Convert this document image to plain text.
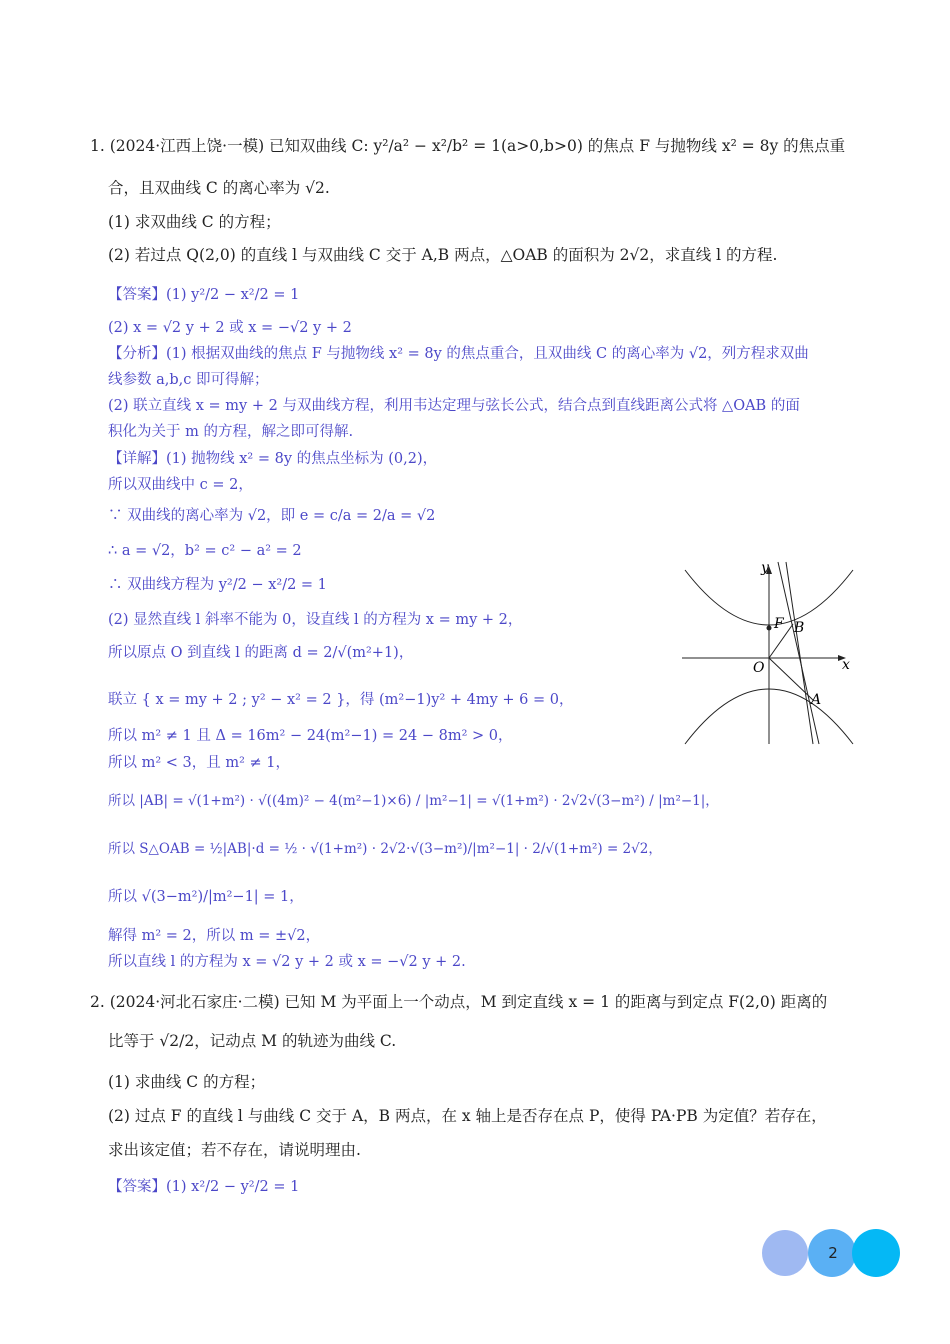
1. (2024·江西上饶·一模) 已知双曲线 C: y²/a² − x²/b² = 1(a>0,b>0) 的焦点 F 与抛物线 x² = 8y 的焦点重
合，且双曲线 C 的离心率为 √2.
(1) 求双曲线 C 的方程；
(2) 若过点 Q(2,0) 的直线 l 与双曲线 C 交于 A,B 两点，△OAB 的面积为 2√2，求直线 l 的方程.
【答案】(1) y²/2 − x²/2 = 1
(2) x = √2 y + 2 或 x = −√2 y + 2
【分析】(1) 根据双曲线的焦点 F 与抛物线 x² = 8y 的焦点重合，且双曲线 C 的离心率为 √2，列方程求双曲
线参数 a,b,c 即可得解；
(2) 联立直线 x = my + 2 与双曲线方程，利用韦达定理与弦长公式，结合点到直线距离公式将 △OAB 的面
积化为关于 m 的方程，解之即可得解.
【详解】(1) 抛物线 x² = 8y 的焦点坐标为 (0,2)，
所以双曲线中 c = 2，
∵ 双曲线的离心率为 √2，即 e = c/a = 2/a = √2
∴ a = √2，b² = c² − a² = 2
∴ 双曲线方程为 y²/2 − x²/2 = 1
(2) 显然直线 l 斜率不能为 0，设直线 l 的方程为 x = my + 2，
所以原点 O 到直线 l 的距离 d = 2/√(m²+1)，
联立 { x = my + 2 ; y² − x² = 2 }，得 (m²−1)y² + 4my + 6 = 0，
所以 m² ≠ 1 且 Δ = 16m² − 24(m²−1) = 24 − 8m² > 0，
所以 m² < 3，且 m² ≠ 1，
所以 |AB| = √(1+m²) · √((4m)² − 4(m²−1)×6) / |m²−1| = √(1+m²) · 2√2√(3−m²) / |m²−1|，
所以 S△OAB = ½|AB|·d = ½ · √(1+m²) · 2√2·√(3−m²)/|m²−1| · 2/√(1+m²) = 2√2，
所以 √(3−m²)/|m²−1| = 1，
解得 m² = 2，所以 m = ±√2，
所以直线 l 的方程为 x = √2 y + 2 或 x = −√2 y + 2.
y
x
O
F B
A
2. (2024·河北石家庄·二模) 已知 M 为平面上一个动点，M 到定直线 x = 1 的距离与到定点 F(2,0) 距离的
比等于 √2/2，记动点 M 的轨迹为曲线 C.
(1) 求曲线 C 的方程；
(2) 过点 F 的直线 l 与曲线 C 交于 A，B 两点，在 x 轴上是否存在点 P，使得 PA·PB 为定值？若存在，
求出该定值；若不存在，请说明理由.
【答案】(1) x²/2 − y²/2 = 1
2
